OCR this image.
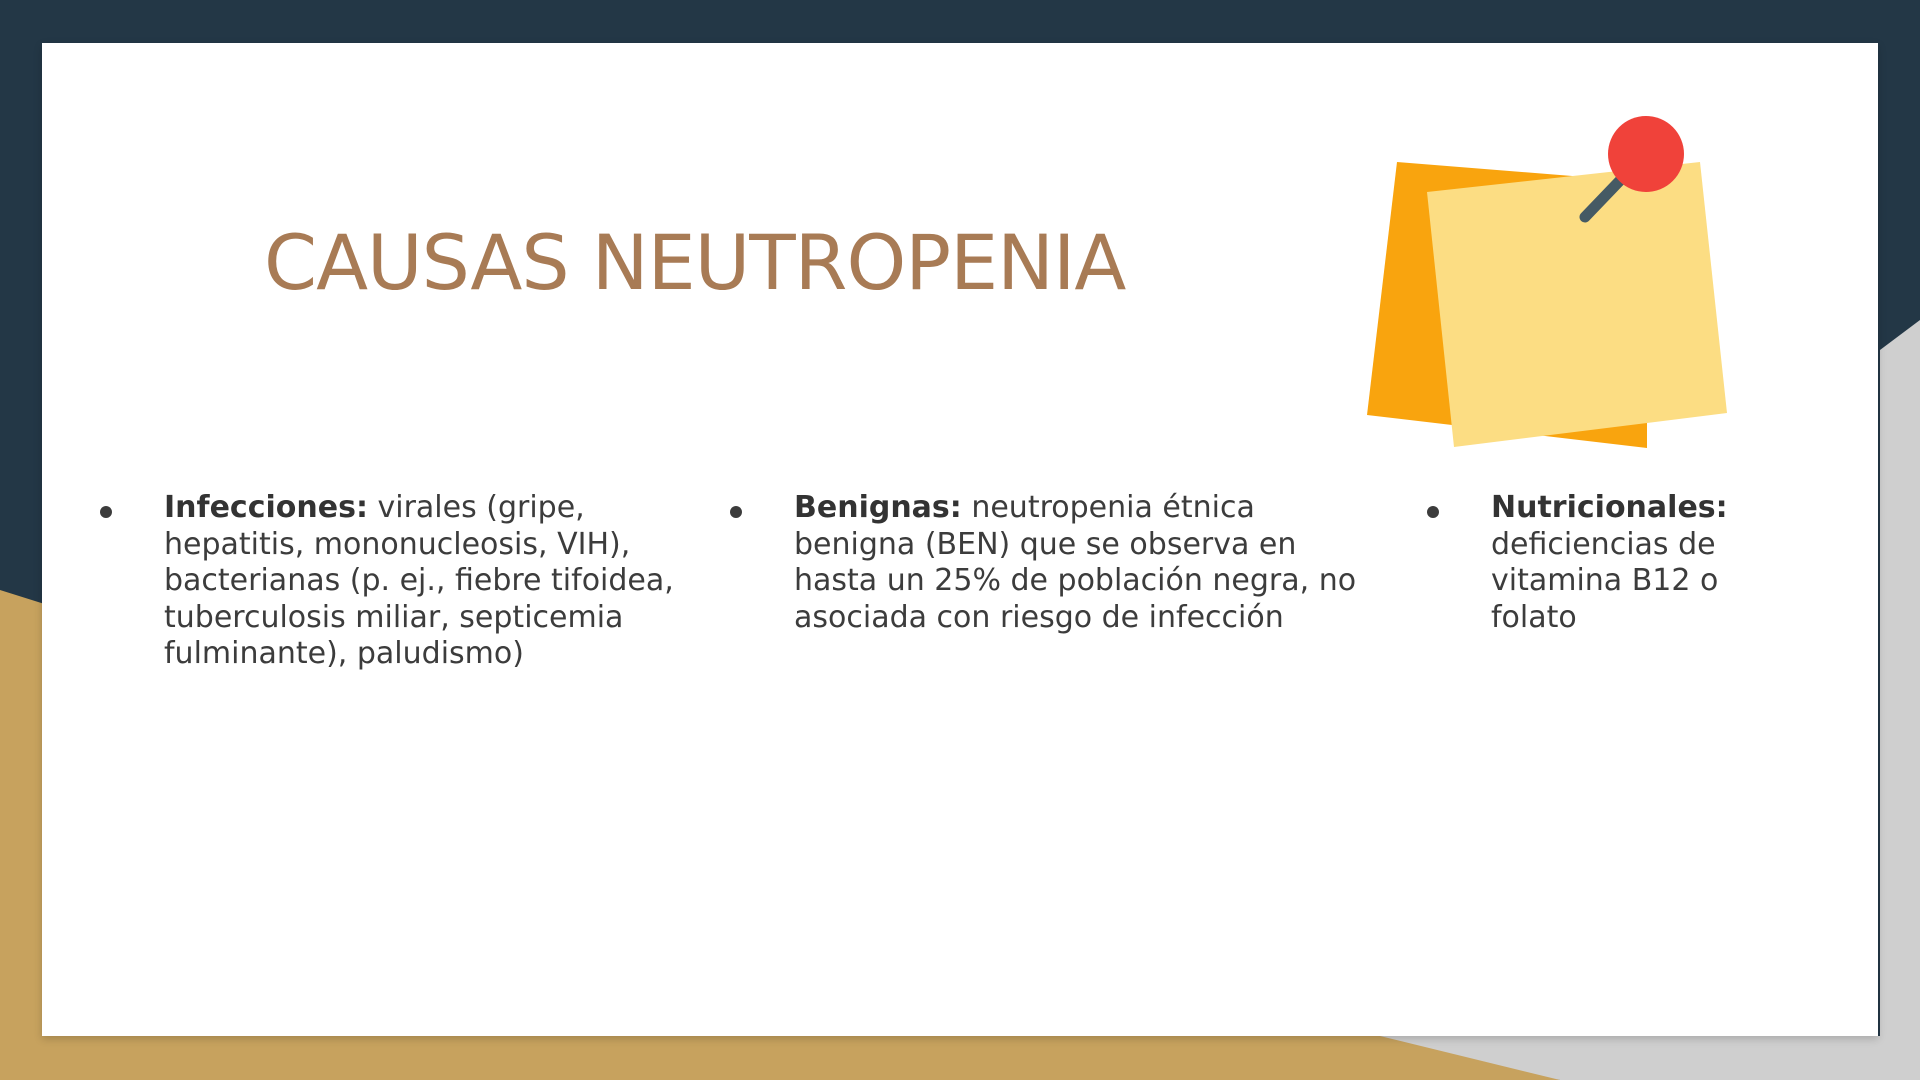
CAUSAS NEUTROPENIA
Infecciones: virales (gripe, hepatitis, mononucleosis, VIH), bacterianas (p. ej., fiebre tifoidea, tuberculosis miliar, septicemia fulminante), paludismo)
Benignas: neutropenia étnica benigna (BEN) que se observa en hasta un 25% de población negra, no asociada con riesgo de infección
Nutricionales: deficiencias de vitamina B12 o folato
